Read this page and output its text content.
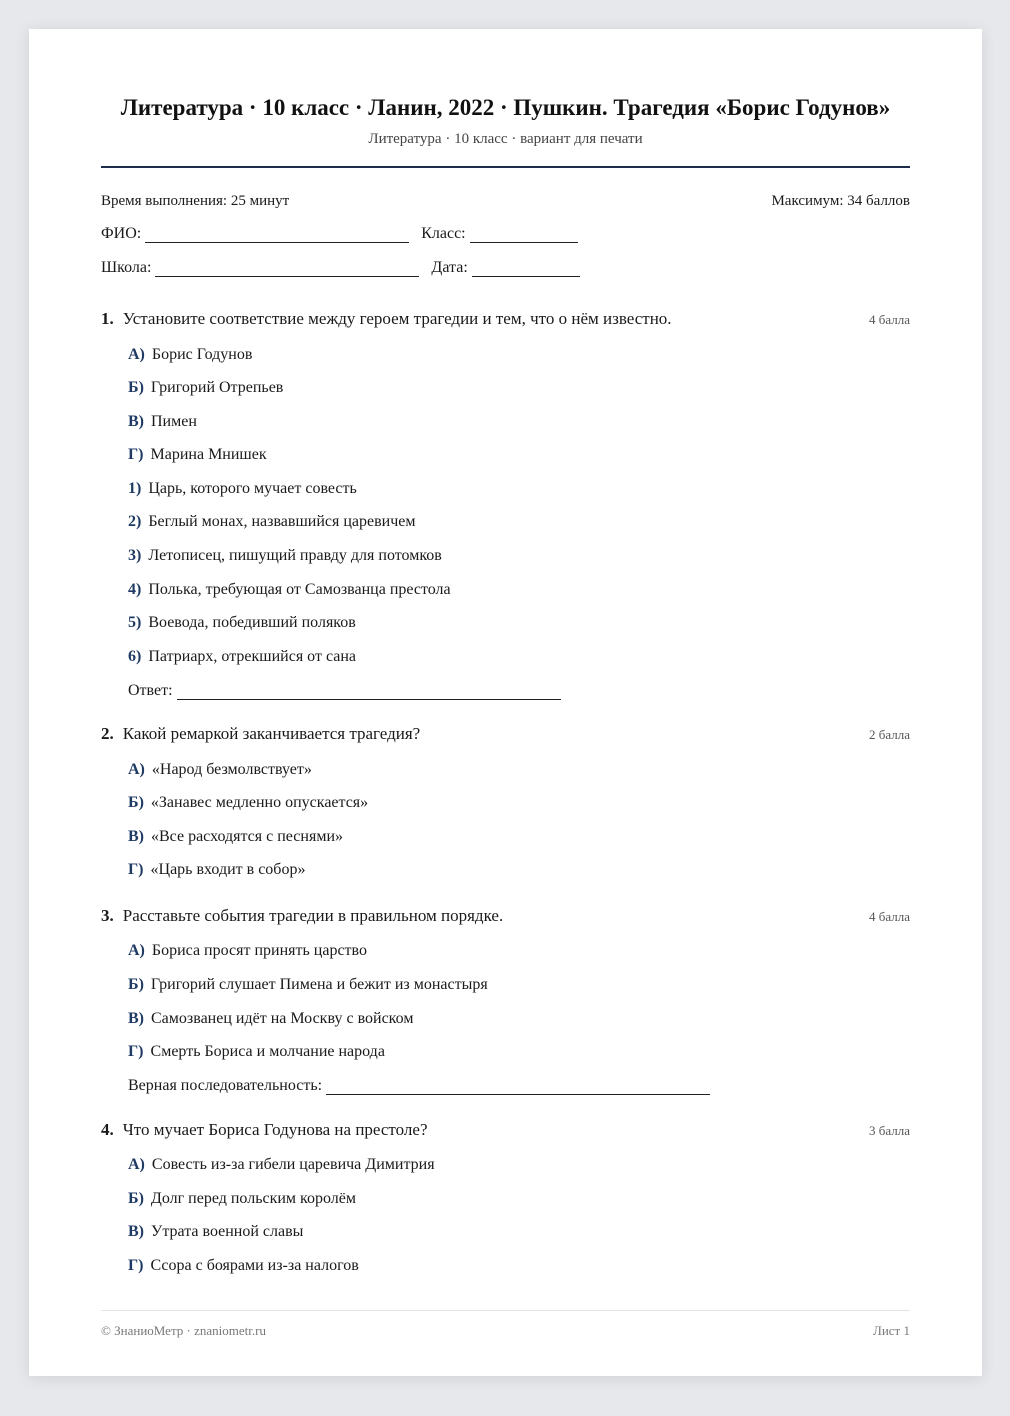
Литература · 10 класс · Ланин, 2022 · Пушкин. Трагедия «Борис Годунов»
Литература · 10 класс · вариант для печати
Время выполнения: 25 минут	Максимум: 34 баллов
ФИО:	Класс:
Школа:	Дата:
1. Установите соответствие между героем трагедии и тем, что о нём известно.	4 балла
А) Борис Годунов
Б) Григорий Отрепьев
В) Пимен
Г) Марина Мнишек
1) Царь, которого мучает совесть
2) Беглый монах, назвавшийся царевичем
3) Летописец, пишущий правду для потомков
4) Полька, требующая от Самозванца престола
5) Воевода, победивший поляков
6) Патриарх, отрекшийся от сана
Ответ:
2. Какой ремаркой заканчивается трагедия?	2 балла
А) «Народ безмолвствует»
Б) «Занавес медленно опускается»
В) «Все расходятся с песнями»
Г) «Царь входит в собор»
3. Расставьте события трагедии в правильном порядке.	4 балла
А) Бориса просят принять царство
Б) Григорий слушает Пимена и бежит из монастыря
В) Самозванец идёт на Москву с войском
Г) Смерть Бориса и молчание народа
Верная последовательность:
4. Что мучает Бориса Годунова на престоле?	3 балла
А) Совесть из-за гибели царевича Димитрия
Б) Долг перед польским королём
В) Утрата военной славы
Г) Ссора с боярами из-за налогов
© ЗнаниоМетр · znaniometr.ru	Лист 1
